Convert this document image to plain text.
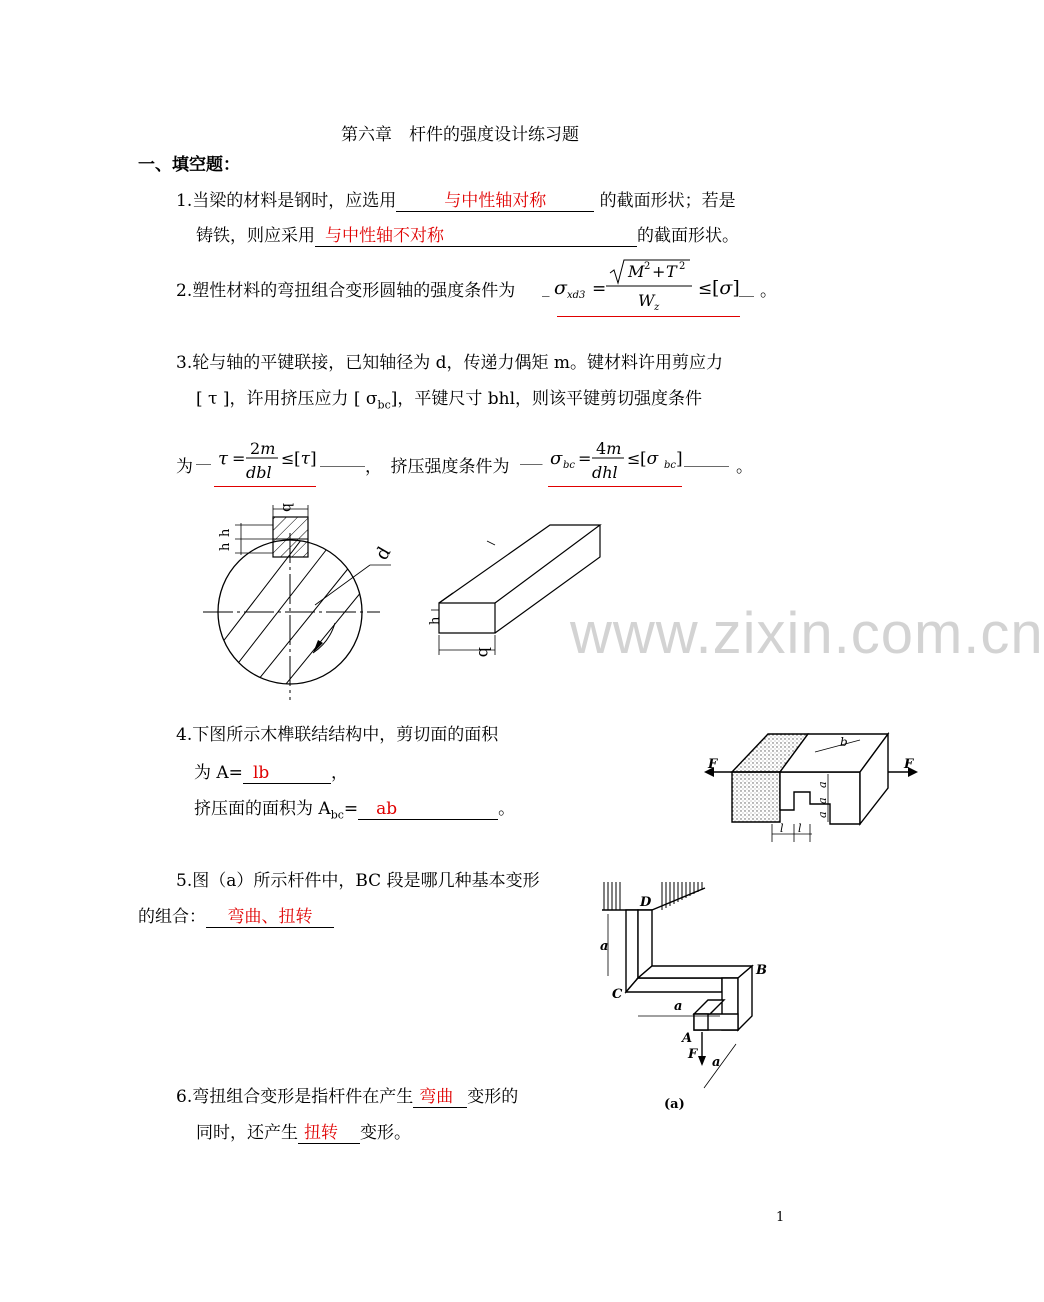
第六章　杆件的强度设计练习题
一、填空题：
1.当梁的材料是钢时，应选用	与中性轴对称	的截面形状；若是
铸铁，则应采用 与中性轴不对称	的截面形状。
2.塑性材料的弯扭组合变形圆轴的强度条件为 _ σ xd3 =
M 2 + T 2
W z
≤ [σ] __ 。
3.轮与轴的平键联接，已知轴径为 d，传递力偶矩 m。键材料许用剪应力
[ τ ]，许用挤压应力 [ $\sigma_{bc}$]，平键尺寸 bhl，则该平键剪切强度条件
为
__ τ =
2m
dbl
≤ [τ] ______ ，　挤压强度条件为
___ σ bc =
4m
dhl
≤ [σ bc ] ______ 。
b
h
h	d
h
b www.zixin.com.cn
4.下图所示木榫联结结构中，剪切面的面积
为 A= lb	，
挤压面的面积为 $A_{bc}=$ ab	。
F	F
b
a
a
a
l l
5.图（a）所示杆件中，BC 段是哪几种基本变形
的组合： 弯曲、扭转
D
B
C
A
a
a
a
F
(a)
6.弯扭组合变形是指杆件在产生 弯曲 变形的
同时，还产生 扭转 变形。
1
